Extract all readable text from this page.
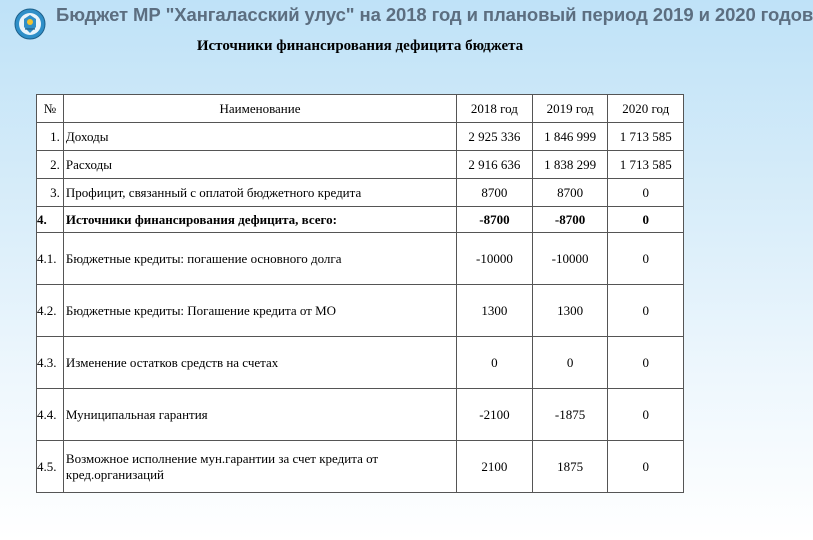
Бюджет МР "Хангаласский улус" на 2018 год и плановый период 2019 и 2020 годов
Источники финансирования дефицита бюджета
№	Наименование	2018 год	2019 год	2020 год
1.	Доходы	2 925 336	1 846 999	1 713 585
2.	Расходы	2 916 636	1 838 299	1 713 585
3.	Профицит, связанный с оплатой бюджетного кредита	8700	8700	0
4.	Источники финансирования дефицита, всего:	-8700	-8700	0
4.1.	Бюджетные кредиты: погашение основного долга	-10000	-10000	0
4.2.	Бюджетные кредиты: Погашение кредита от МО	1300	1300	0
4.3.	Изменение остатков средств на счетах	0	0	0
4.4.	Муниципальная гарантия	-2100	-1875	0
4.5.	Возможное исполнение мун.гарантии за счет кредита от кред.организаций	2100	1875	0
